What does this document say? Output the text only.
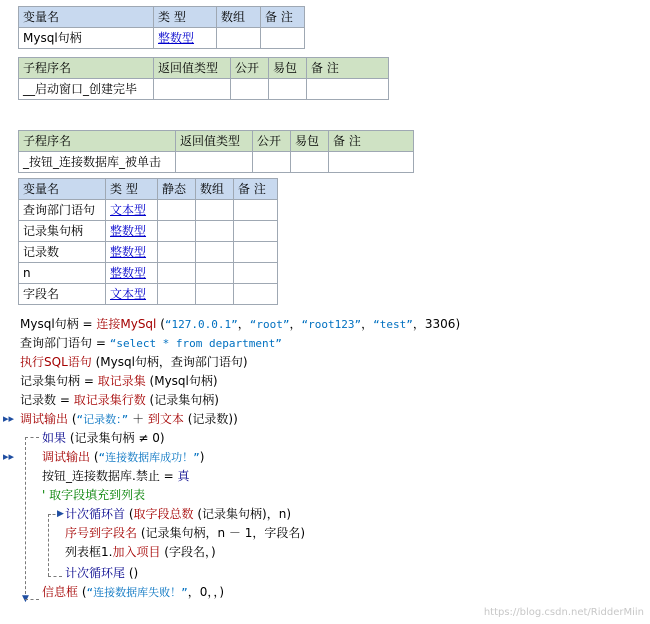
变量名	类 型	数组	备 注
Mysql句柄	整数型		
子程序名	返回值类型	公开	易包	备 注
__启动窗口_创建完毕				
子程序名	返回值类型	公开	易包	备 注
_按钮_连接数据库_被单击				
变量名	类 型	静态	数组	备 注
查询部门语句	文本型			
记录集句柄	整数型			
记录数	整数型			
n	整数型			
字段名	文本型			
Mysql句柄 = 连接MySql (“127.0.0.1”，“root”，“root123”，“test”，3306)
查询部门语句 = “select * from department”
执行SQL语句 (Mysql句柄，查询部门语句)
记录集句柄 = 取记录集 (Mysql句柄)
记录数 = 取记录集行数 (记录集句柄)
▸▸ 调试输出 (“记录数：” ＋ 到文本 (记录数))
▼
如果 (记录集句柄 ≠ 0)
▸▸ 调试输出 (“连接数据库成功！”)
按钮_连接数据库.禁止 = 真
' 取字段填充到列表
▶ 计次循环首 (取字段总数 (记录集句柄)，n)
序号到字段名 (记录集句柄，n － 1，字段名)
列表框1.加入项目 (字段名，)
计次循环尾 ()
信息框 (“连接数据库失败！”，0，，)
https://blog.csdn.net/RidderMiin
